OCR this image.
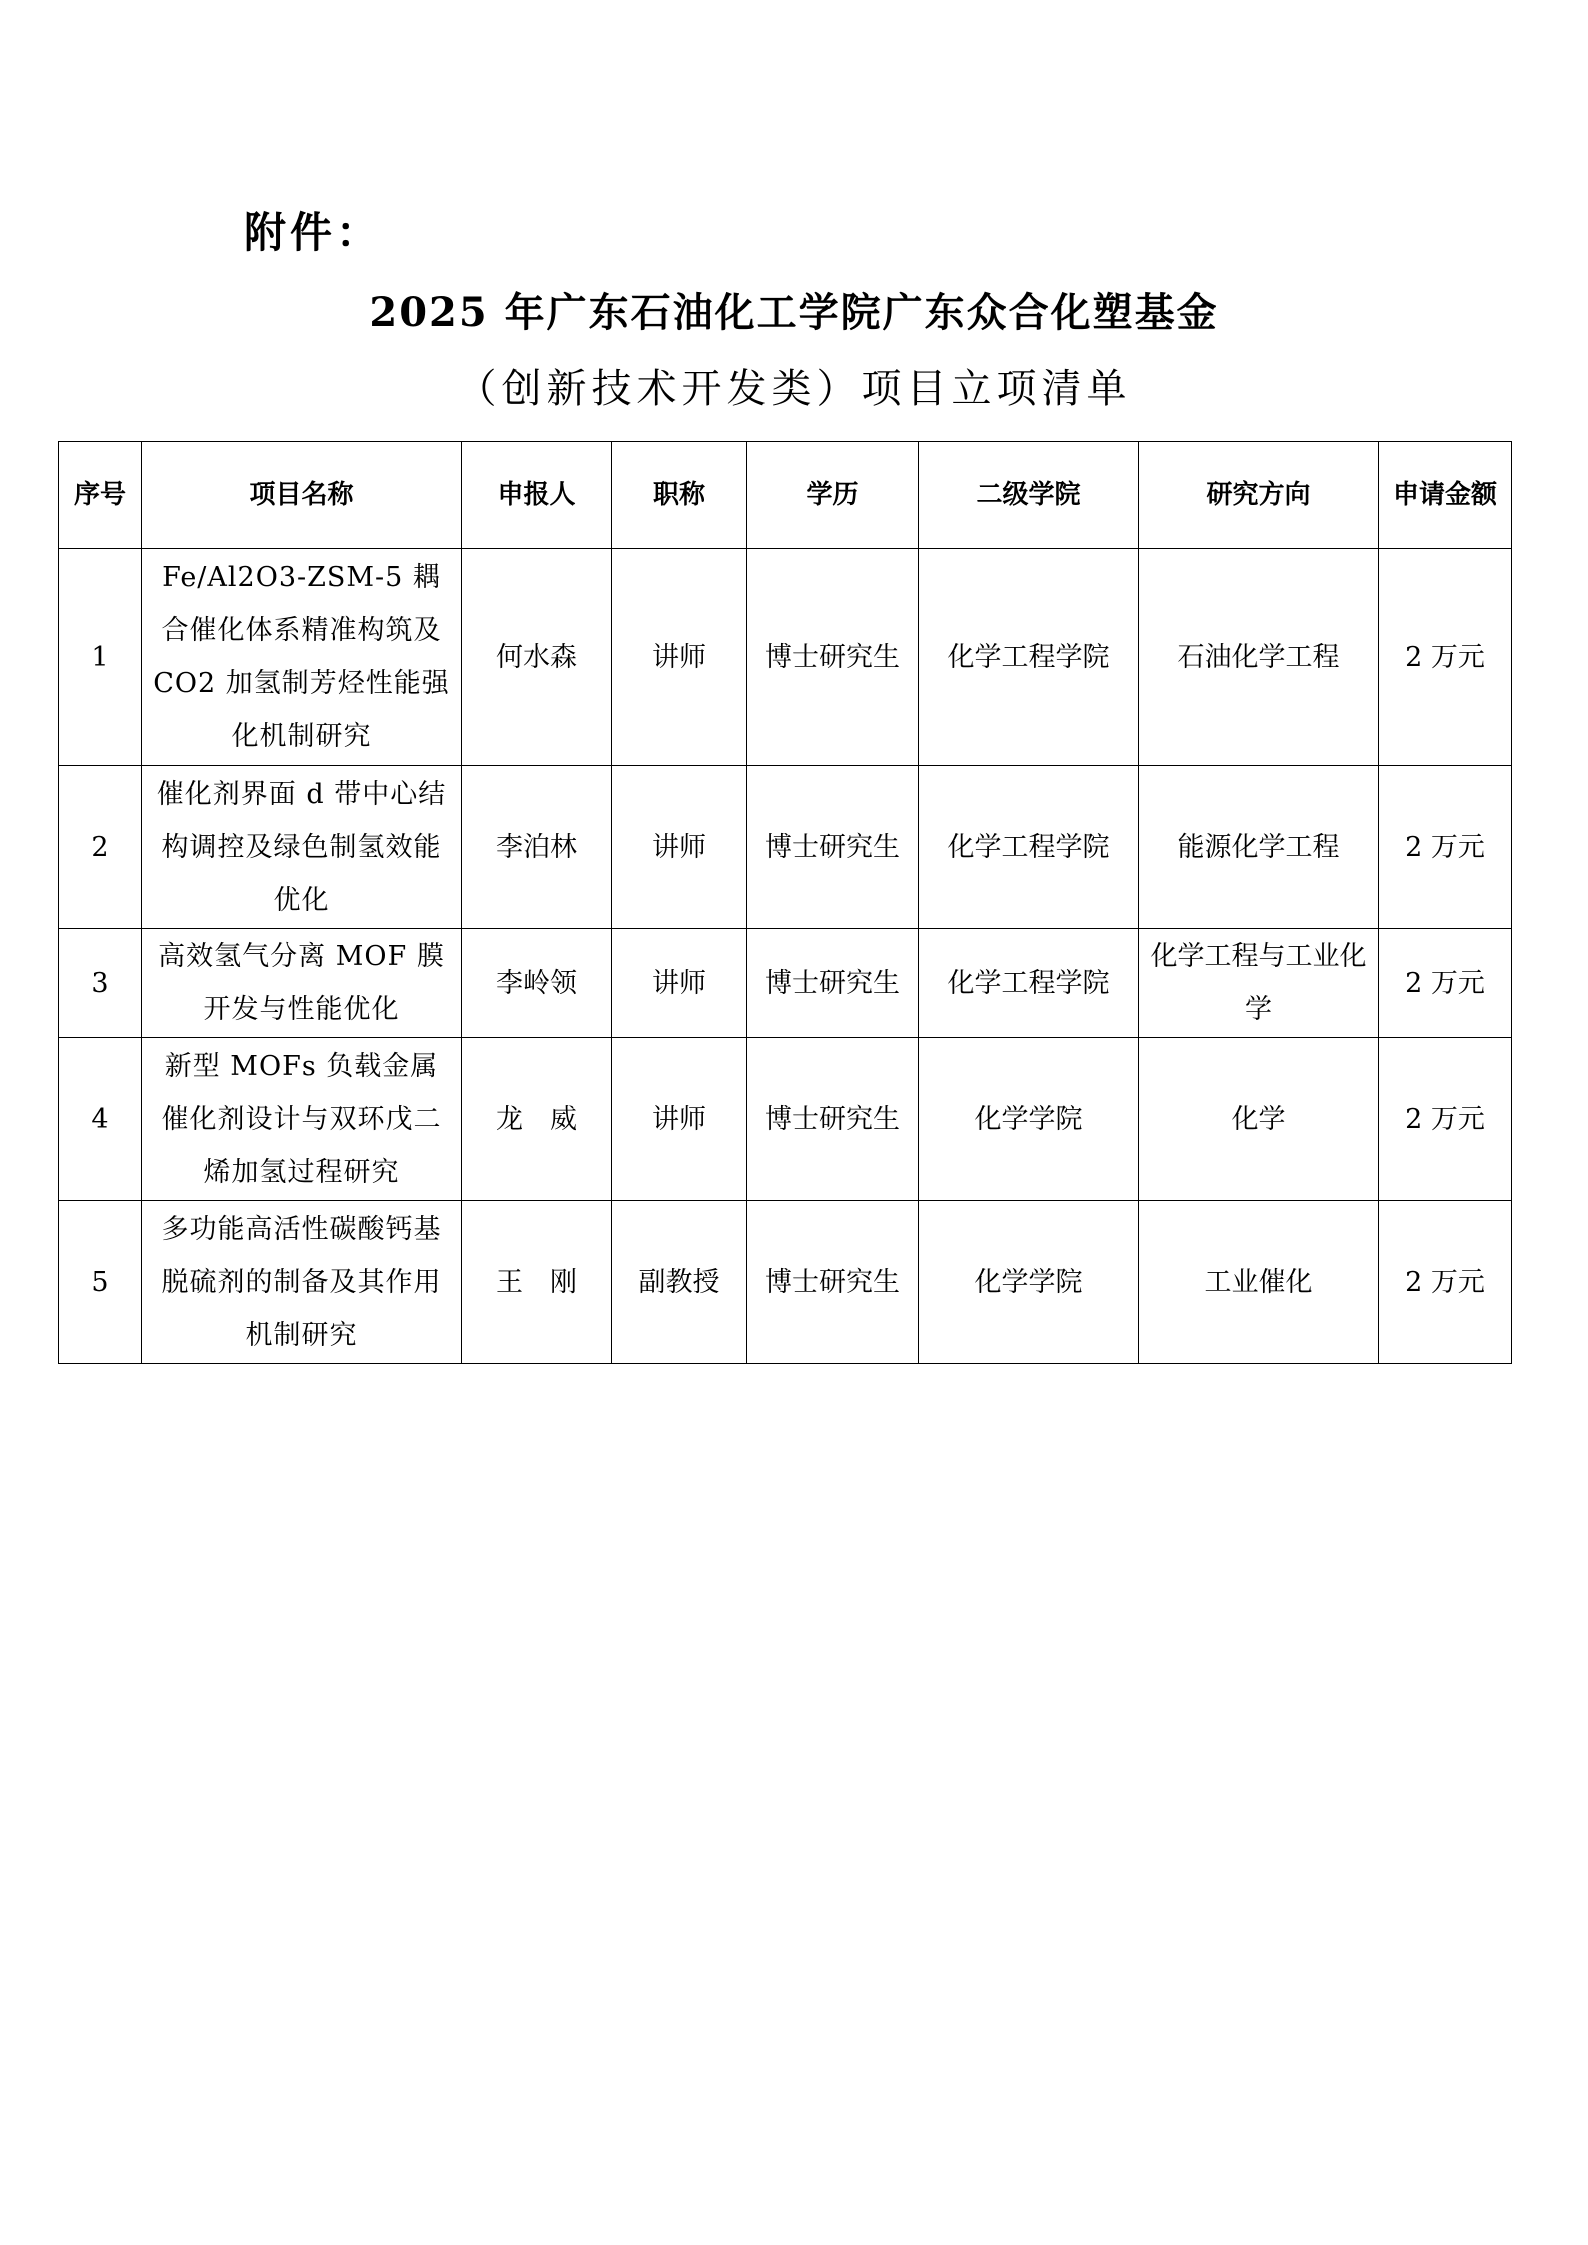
附件：
2025 年广东石油化工学院广东众合化塑基金
（创新技术开发类）项目立项清单
序号	项目名称	申报人	职称	学历	二级学院	研究方向	申请金额
1	Fe/Al2O3-ZSM-5 耦合催化体系精准构筑及CO2 加氢制芳烃性能强化机制研究	何水森	讲师	博士研究生	化学工程学院	石油化学工程	2 万元
2	催化剂界面 d 带中心结构调控及绿色制氢效能优化	李泊林	讲师	博士研究生	化学工程学院	能源化学工程	2 万元
3	高效氢气分离 MOF 膜开发与性能优化	李岭领	讲师	博士研究生	化学工程学院	化学工程与工业化学	2 万元
4	新型 MOFs 负载金属催化剂设计与双环戊二烯加氢过程研究	龙　威	讲师	博士研究生	化学学院	化学	2 万元
5	多功能高活性碳酸钙基脱硫剂的制备及其作用机制研究	王　刚	副教授	博士研究生	化学学院	工业催化	2 万元
